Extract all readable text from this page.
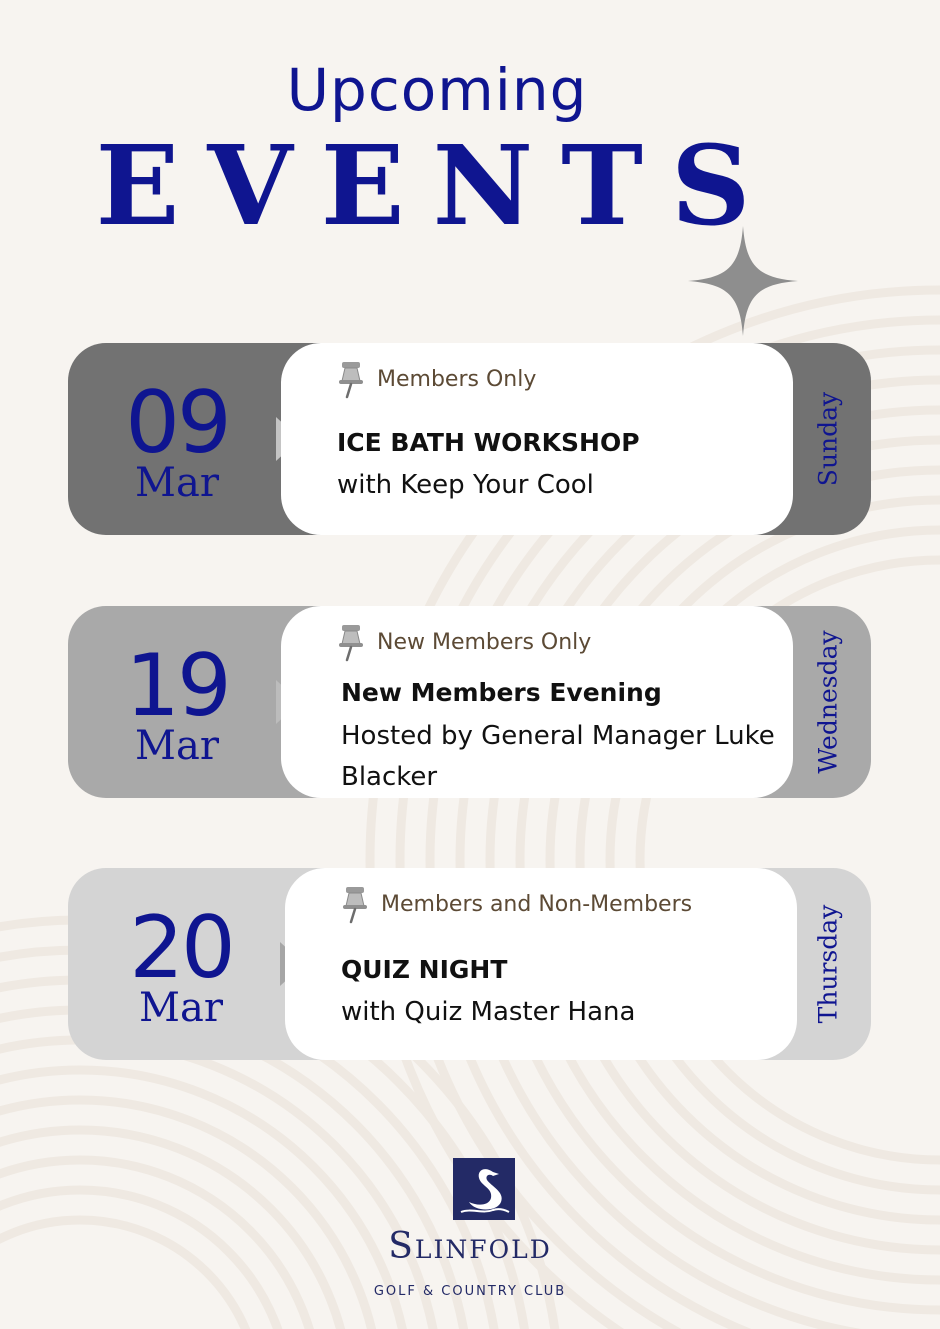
Upcoming
EVENTS
09
Mar
Members Only
ICE BATH WORKSHOP
with Keep Your Cool	Sunday
19
Mar
New Members Only
New Members Evening
Hosted by General Manager Luke Blacker
Wednesday
20
Mar
Members and Non-Members
QUIZ NIGHT
with Quiz Master Hana	Thursday
Slinfold
GOLF & COUNTRY CLUB
